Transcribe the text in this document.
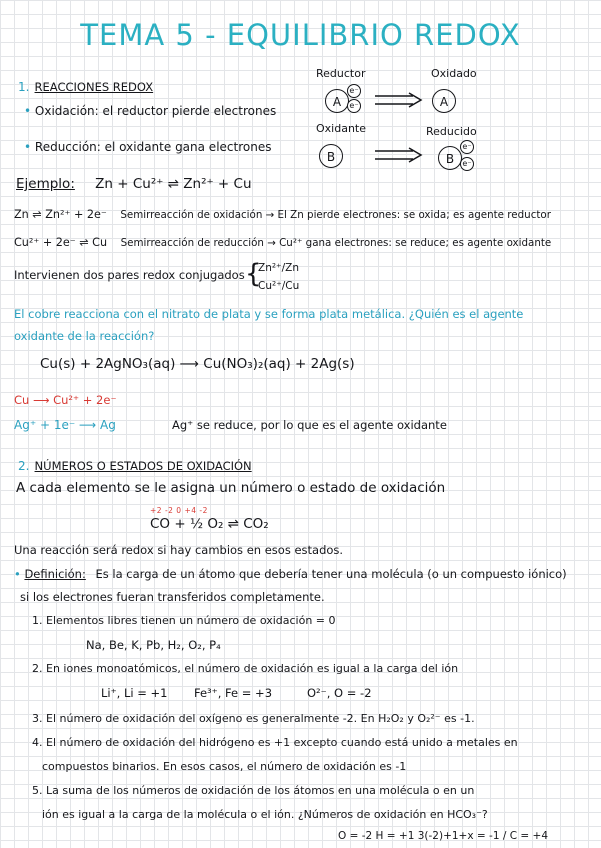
TEMA 5 - EQUILIBRIO REDOX
Reductor	Oxidado
A
e⁻
e⁻	A
Oxidante	Reducido
B	B
e⁻
e⁻
1. REACCIONES REDOX
• Oxidación: el reductor pierde electrones
• Reducción: el oxidante gana electrones
Ejemplo: Zn + Cu²⁺ ⇌ Zn²⁺ + Cu
Zn ⇌ Zn²⁺ + 2e⁻ Semirreacción de oxidación → El Zn pierde electrones: se oxida; es agente reductor
Cu²⁺ + 2e⁻ ⇌ Cu Semirreacción de reducción → Cu²⁺ gana electrones: se reduce; es agente oxidante
Intervienen dos pares redox conjugados {
Zn²⁺/Zn
Cu²⁺/Cu
El cobre reacciona con el nitrato de plata y se forma plata metálica. ¿Quién es el agente
oxidante de la reacción?
Cu(s) + 2AgNO₃(aq) ⟶ Cu(NO₃)₂(aq) + 2Ag(s)
Cu ⟶ Cu²⁺ + 2e⁻
Ag⁺ + 1e⁻ ⟶ Ag	Ag⁺ se reduce, por lo que es el agente oxidante
2. NÚMEROS O ESTADOS DE OXIDACIÓN
A cada elemento se le asigna un número o estado de oxidación
+2 -2 0 +4 -2
CO + ½ O₂ ⇌ CO₂
Una reacción será redox si hay cambios en esos estados.
• Definición: Es la carga de un átomo que debería tener una molécula (o un compuesto iónico)
si los electrones fueran transferidos completamente.
1. Elementos libres tienen un número de oxidación = 0
Na, Be, K, Pb, H₂, O₂, P₄
2. En iones monoatómicos, el número de oxidación es igual a la carga del ión
Li⁺, Li = +1 Fe³⁺, Fe = +3	O²⁻, O = -2
3. El número de oxidación del oxígeno es generalmente -2. En H₂O₂ y O₂²⁻ es -1.
4. El número de oxidación del hidrógeno es +1 excepto cuando está unido a metales en
compuestos binarios. En esos casos, el número de oxidación es -1
5. La suma de los números de oxidación de los átomos en una molécula o en un
ión es igual a la carga de la molécula o el ión. ¿Números de oxidación en HCO₃⁻?
O = -2 H = +1 3(-2)+1+x = -1 / C = +4
